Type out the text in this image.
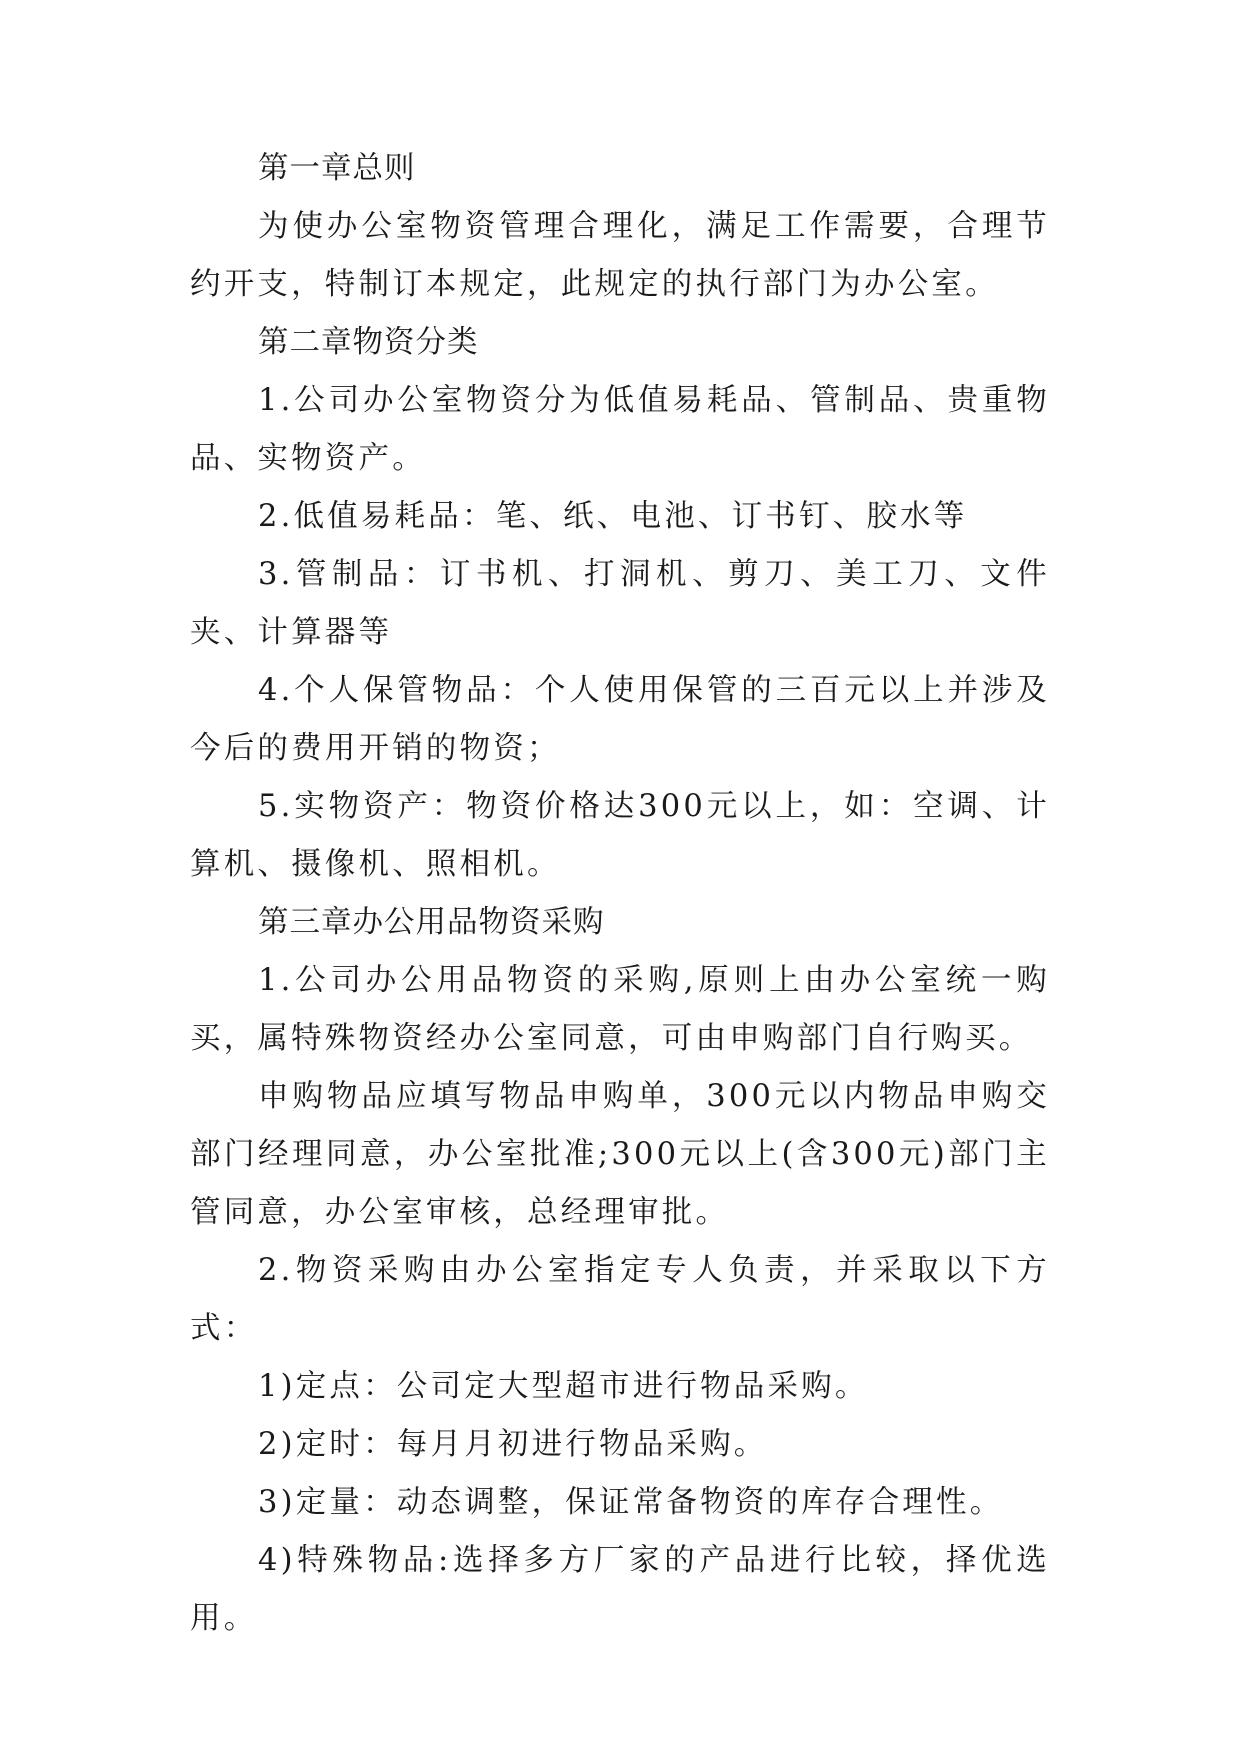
第一章总则

为使办公室物资管理合理化，满足工作需要，合理节约开支，特制订本规定，此规定的执行部门为办公室。

第二章物资分类

1.公司办公室物资分为低值易耗品、管制品、贵重物品、实物资产。

2.低值易耗品：笔、纸、电池、订书钉、胶水等

3.管制品：订书机、打洞机、剪刀、美工刀、文件夹、计算器等

4.个人保管物品：个人使用保管的三百元以上并涉及今后的费用开销的物资；

5.实物资产：物资价格达300元以上，如：空调、计算机、摄像机、照相机。

第三章办公用品物资采购

1.公司办公用品物资的采购,原则上由办公室统一购买，属特殊物资经办公室同意，可由申购部门自行购买。

申购物品应填写物品申购单，300元以内物品申购交部门经理同意，办公室批准;300元以上(含300元)部门主管同意，办公室审核，总经理审批。

2.物资采购由办公室指定专人负责，并采取以下方式：

1)定点：公司定大型超市进行物品采购。

2)定时：每月月初进行物品采购。

3)定量：动态调整，保证常备物资的库存合理性。

4)特殊物品:选择多方厂家的产品进行比较，择优选用。
